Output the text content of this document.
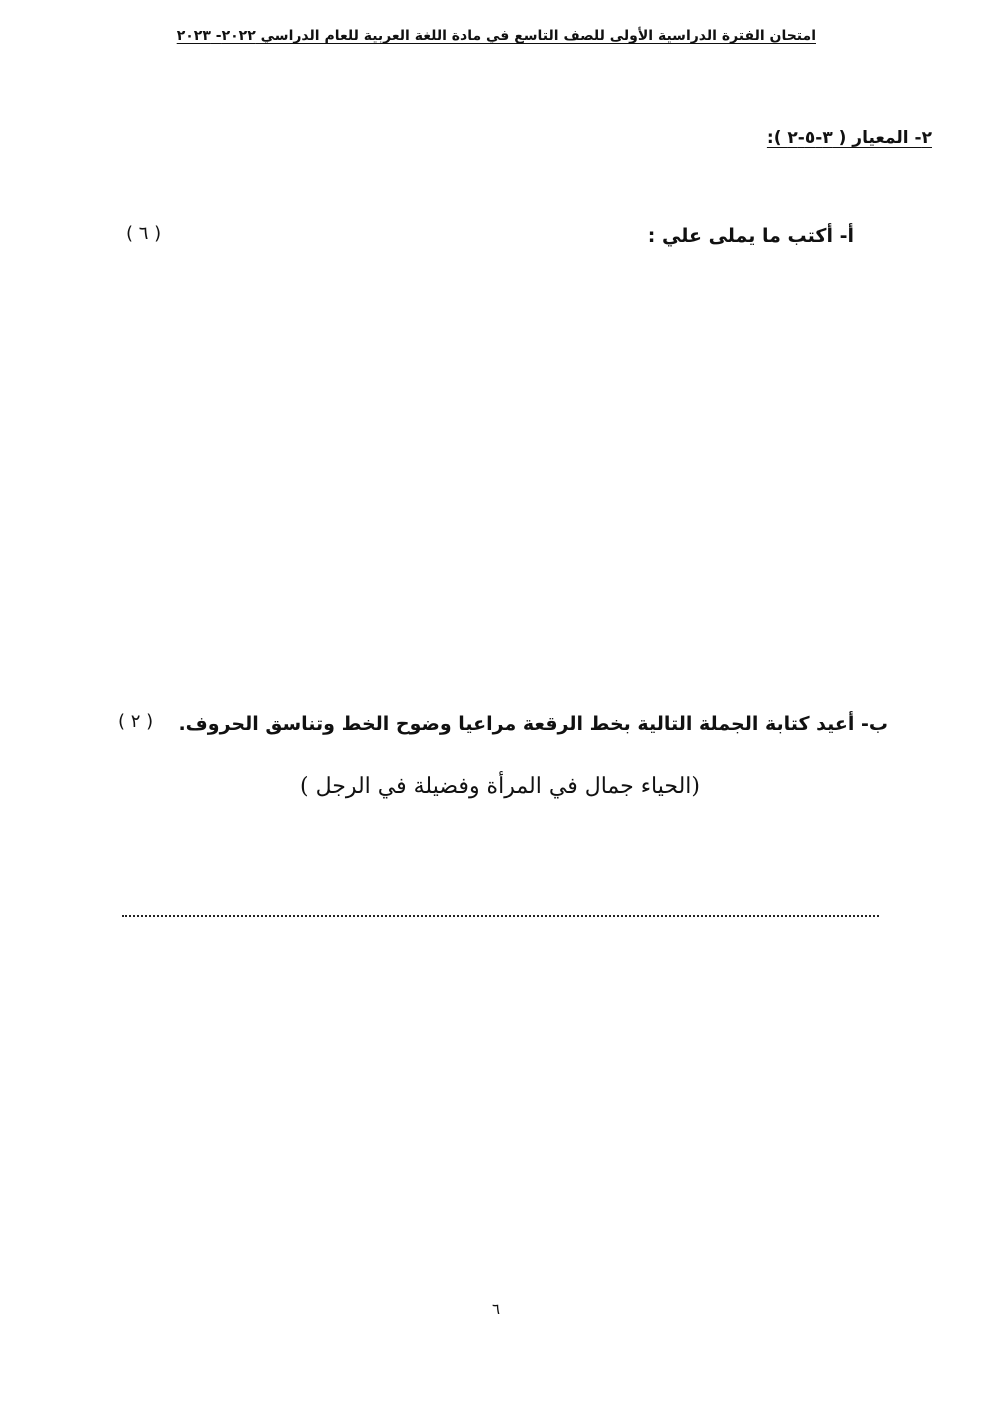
امتحان الفترة الدراسية الأولى للصف التاسع في مادة اللغة العربية للعام الدراسي ٢٠٢٢- ٢٠٢٣
٢- المعيار ( ٣-٥-٢ ):
أ- أكتب ما يملى علي :
( ٦ )
ب- أعيد كتابة الجملة التالية بخط الرقعة مراعيا وضوح الخط وتناسق الحروف.
( ٢ )
(الحياء جمال في المرأة وفضيلة في الرجل )
٦
